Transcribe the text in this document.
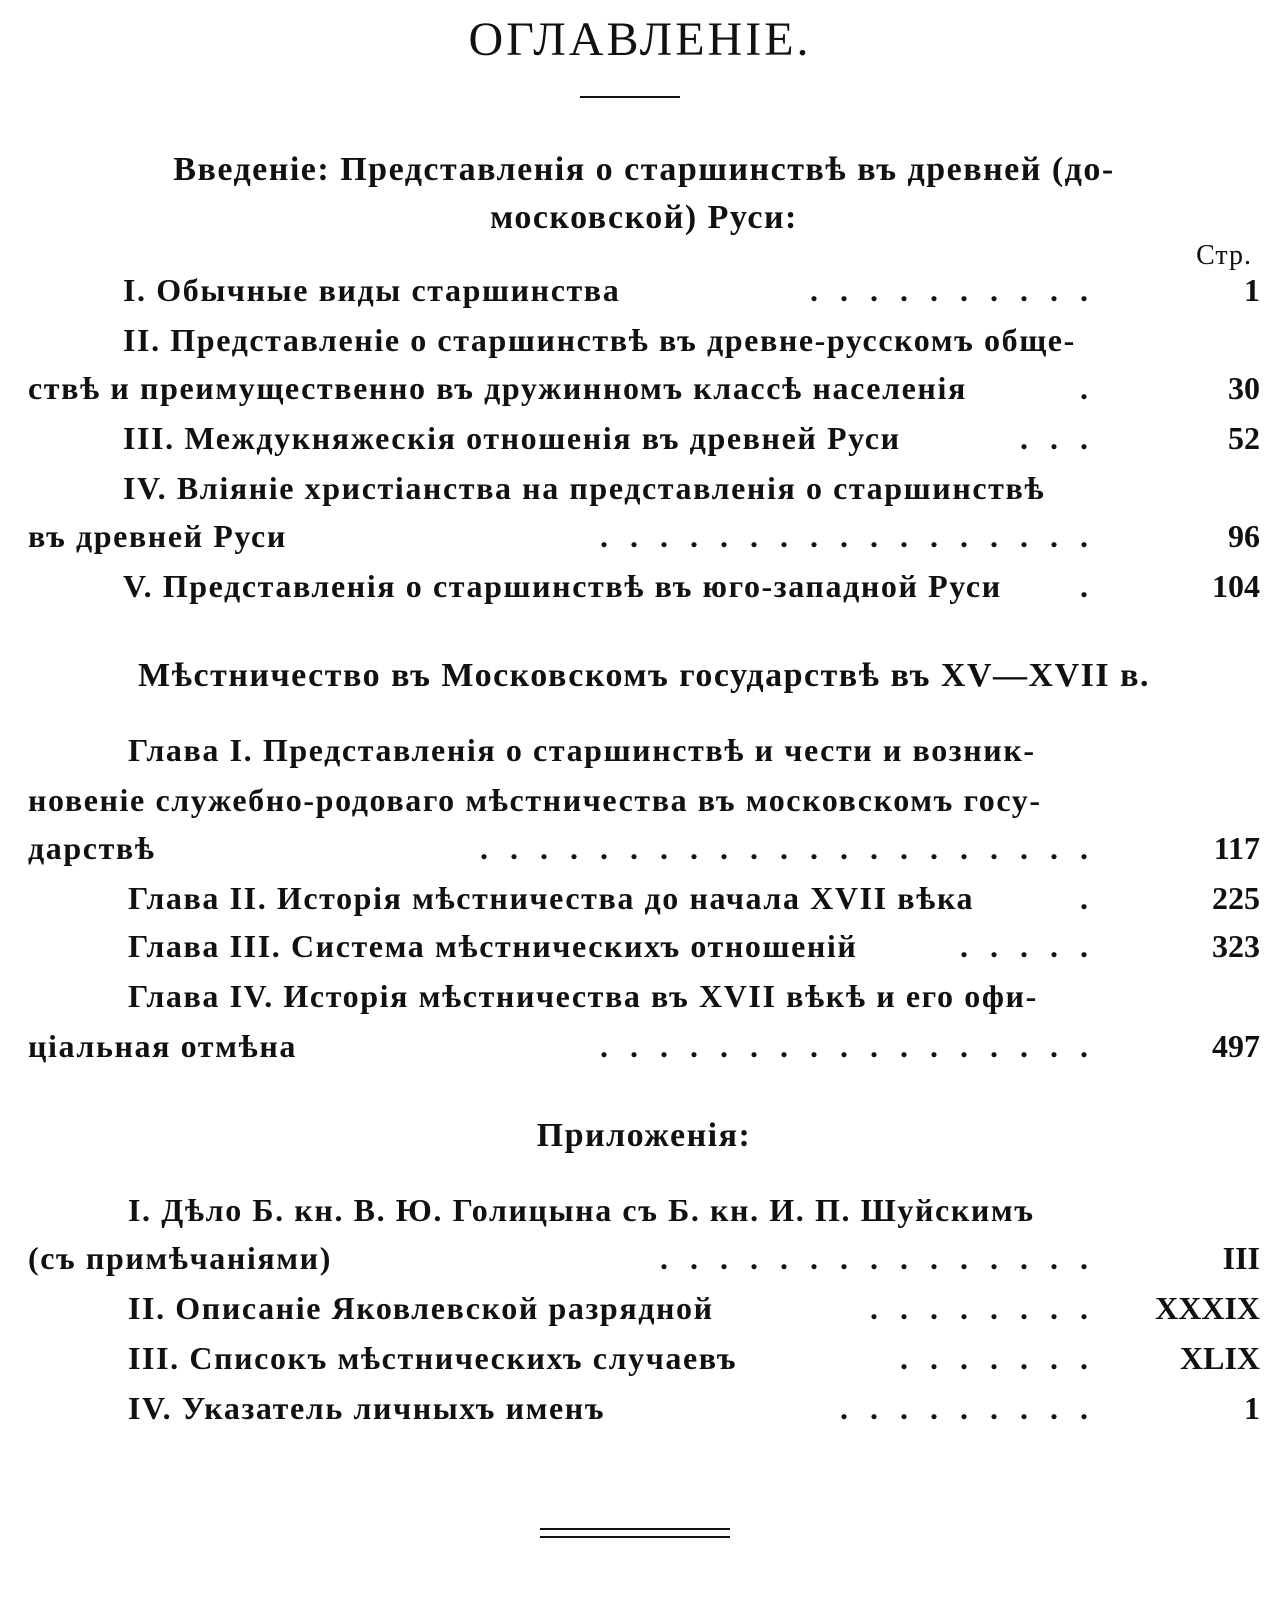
ОГЛАВЛЕНІЕ.
Введеніе: Представленія о старшинствѣ въ древней (до-
московской) Руси:
Стр.
I. Обычные виды старшинства	..........	1
II. Представленіе о старшинствѣ въ древне-русскомъ обще-
ствѣ и преимущественно въ дружинномъ классѣ населенія	.	30
III. Междукняжескія отношенія въ древней Руси	...	52
IV. Вліяніе христіанства на представленія о старшинствѣ
въ древней Руси	.................	96
V. Представленія о старшинствѣ въ юго-западной Руси	.	104
Мѣстничество въ Московскомъ государствѣ въ XV—XVII в.
Глава I. Представленія о старшинствѣ и чести и возник-
новеніе служебно-родоваго мѣстничества въ московскомъ госу-
дарствѣ	.....................	117
Глава II. Исторія мѣстничества до начала XVII вѣка	.	225
Глава III. Система мѣстническихъ отношеній	.....	323
Глава IV. Исторія мѣстничества въ XVII вѣкѣ и его офи-
ціальная отмѣна	.................	497
Приложенія:
I. Дѣло Б. кн. В. Ю. Голицына съ Б. кн. И. П. Шуйскимъ
(съ примѣчаніями)	...............	III
II. Описаніе Яковлевской разрядной	........	XXXIX
III. Списокъ мѣстническихъ случаевъ	.......	XLIX
IV. Указатель личныхъ именъ	.........	1
